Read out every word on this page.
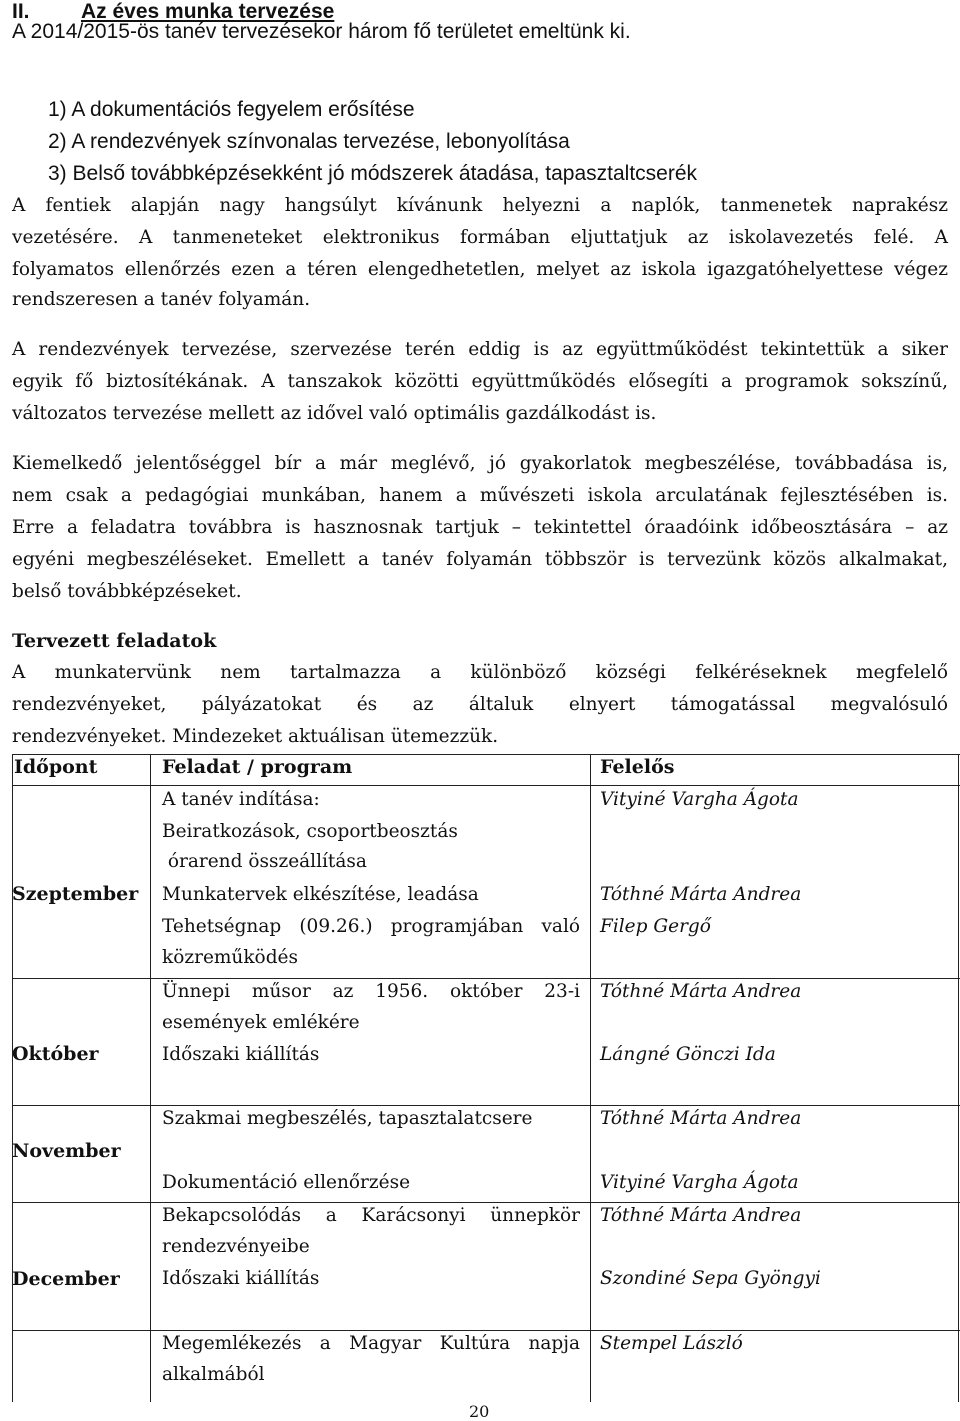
II. Az éves munka tervezése
A 2014/2015-ös tanév tervezésekor három fő területet emeltünk ki.
1) A dokumentációs fegyelem erősítése
2) A rendezvények színvonalas tervezése, lebonyolítása
3) Belső továbbképzésekként jó módszerek átadása, tapasztaltcserék
A fentiek alapján nagy hangsúlyt kívánunk helyezni a naplók, tanmenetek naprakész
vezetésére. A tanmeneteket elektronikus formában eljuttatjuk az iskolavezetés felé. A
folyamatos ellenőrzés ezen a téren elengedhetetlen, melyet az iskola igazgatóhelyettese végez
rendszeresen a tanév folyamán.
A rendezvények tervezése, szervezése terén eddig is az együttműködést tekintettük a siker
egyik fő biztosítékának. A tanszakok közötti együttműködés elősegíti a programok sokszínű,
változatos tervezése mellett az idővel való optimális gazdálkodást is.
Kiemelkedő jelentőséggel bír a már meglévő, jó gyakorlatok megbeszélése, továbbadása is,
nem csak a pedagógiai munkában, hanem a művészeti iskola arculatának fejlesztésében is.
Erre a feladatra továbbra is hasznosnak tartjuk – tekintettel óraadóink időbeosztására – az
egyéni megbeszéléseket. Emellett a tanév folyamán többször is tervezünk közös alkalmakat,
belső továbbképzéseket.
Tervezett feladatok
A munkatervünk nem tartalmazza a különböző községi felkéréseknek megfelelő
rendezvényeket, pályázatokat és az általuk elnyert támogatással megvalósuló
rendezvényeket. Mindezeket aktuálisan ütemezzük.
Időpont	Feladat / program	Felelős
Szeptember
A tanév indítása:
Beiratkozások, csoportbeosztás
órarend összeállítása
Munkatervek elkészítése, leadása
Tehetségnap (09.26.) programjában való
közreműködés
Vityiné Vargha Ágota
Tóthné Márta Andrea
Filep Gergő
Október
Ünnepi műsor az 1956. október 23-i
események emlékére
Időszaki kiállítás
Tóthné Márta Andrea
Lángné Gönczi Ida
November
Szakmai megbeszélés, tapasztalatcsere
Dokumentáció ellenőrzése
Tóthné Márta Andrea
Vityiné Vargha Ágota
December
Bekapcsolódás a Karácsonyi ünnepkör
rendezvényeibe
Időszaki kiállítás
Megemlékezés a Magyar Kultúra napja
alkalmából
Tóthné Márta Andrea
Szondiné Sepa Gyöngyi
Stempel László
20
